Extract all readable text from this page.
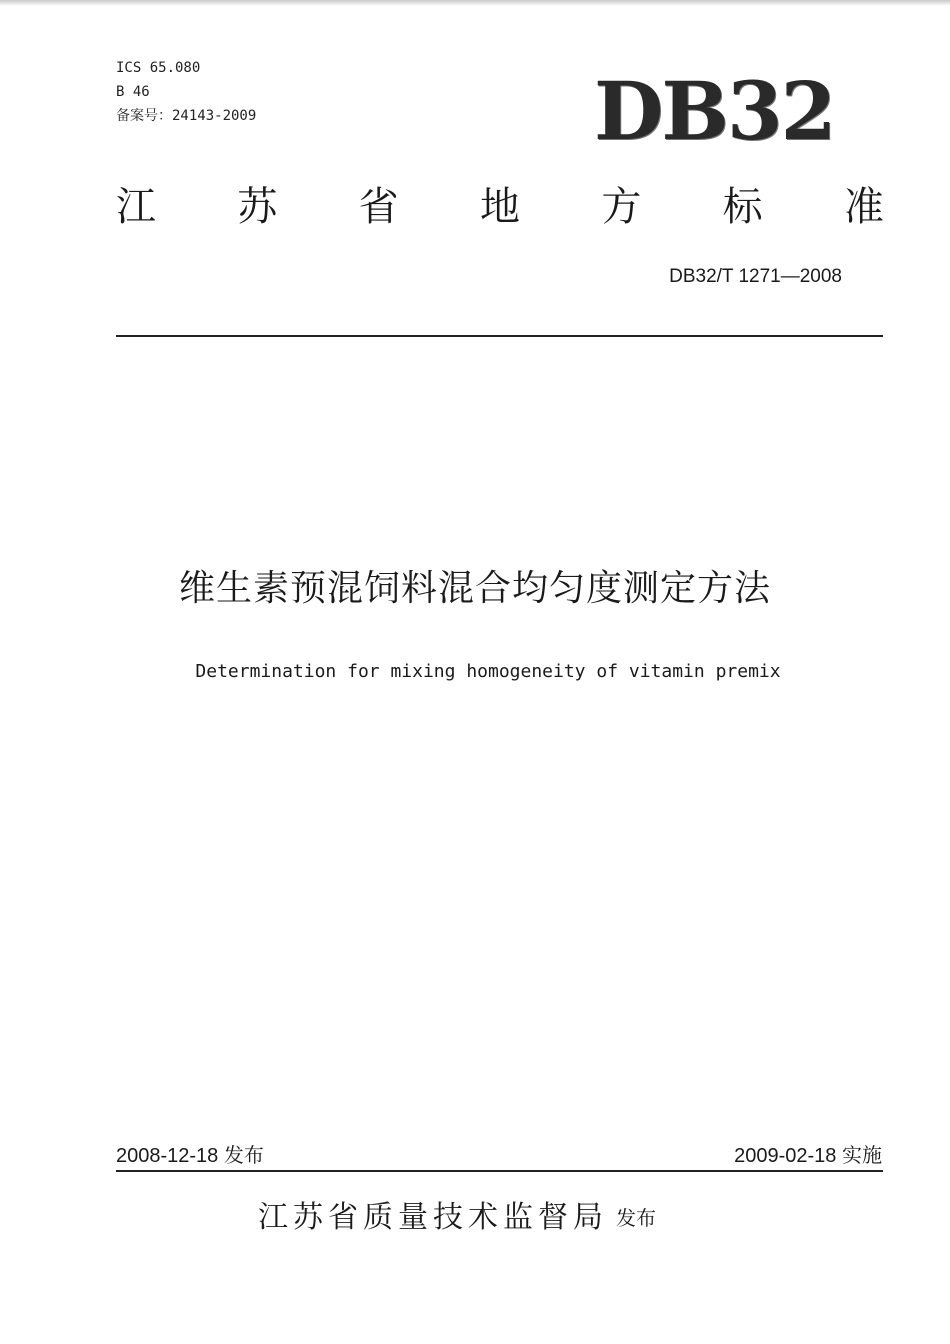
ICS 65.080
B 46
备案号：24143-2009	DB32
江 苏 省 地 方 标 准
DB32/T 1271—2008
维生素预混饲料混合均匀度测定方法
Determination for mixing homogeneity of vitamin premix
2008-12-18 发布	2009-02-18 实施
江苏省质量技术监督局 发布
